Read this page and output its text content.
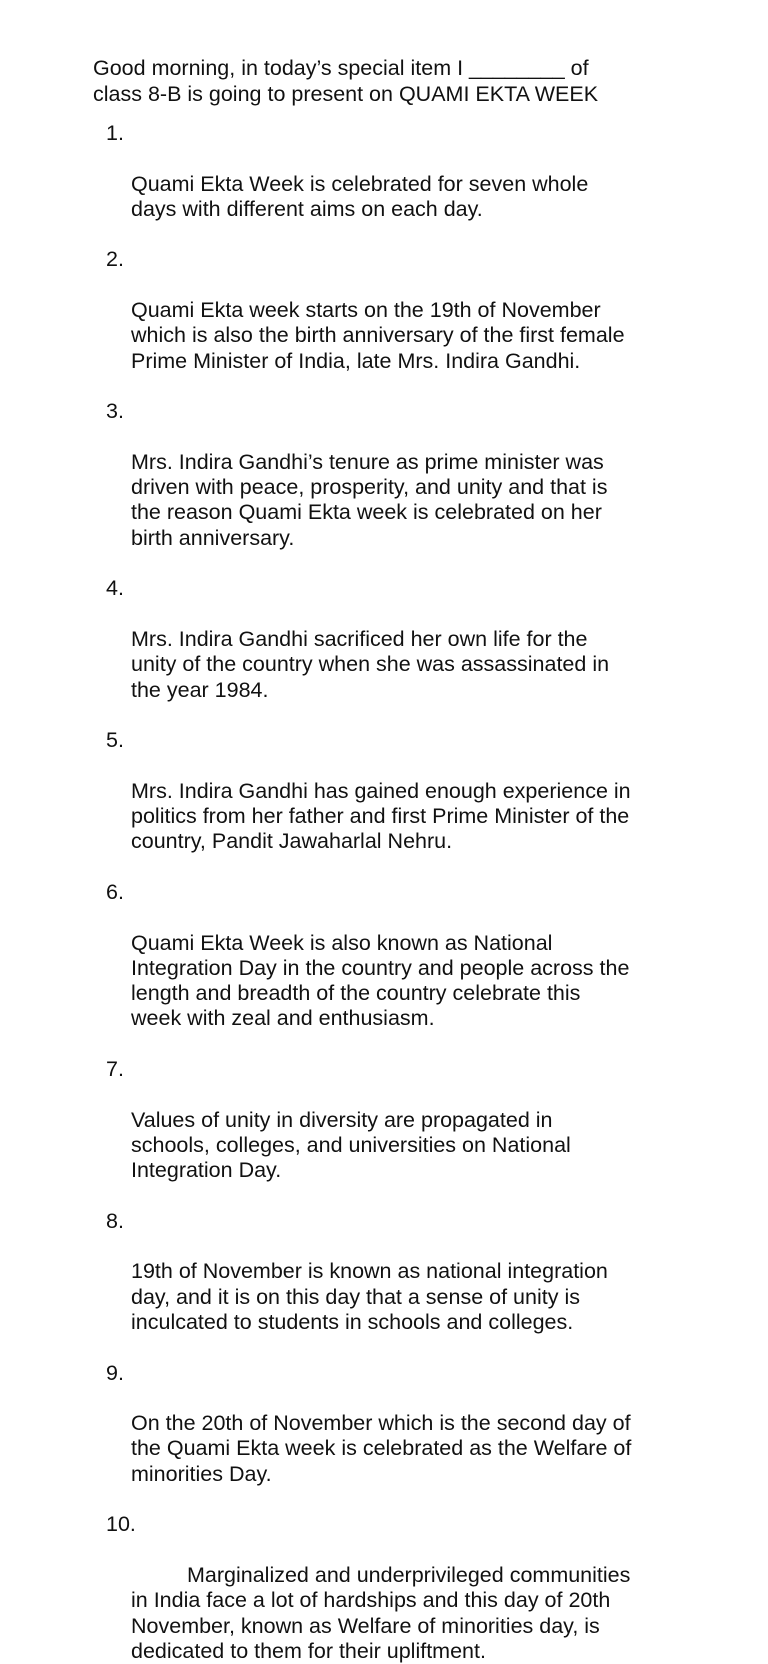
Good morning, in today’s special item I ________ of
class 8-B is going to present on QUAMI EKTA WEEK

1.

Quami Ekta Week is celebrated for seven whole
days with different aims on each day.

2.

Quami Ekta week starts on the 19th of November
which is also the birth anniversary of the first female
Prime Minister of India, late Mrs. Indira Gandhi.

3.

Mrs. Indira Gandhi’s tenure as prime minister was
driven with peace, prosperity, and unity and that is
the reason Quami Ekta week is celebrated on her
birth anniversary.

4.

Mrs. Indira Gandhi sacrificed her own life for the
unity of the country when she was assassinated in
the year 1984.

5.

Mrs. Indira Gandhi has gained enough experience in
politics from her father and first Prime Minister of the
country, Pandit Jawaharlal Nehru.

6.

Quami Ekta Week is also known as National
Integration Day in the country and people across the
length and breadth of the country celebrate this
week with zeal and enthusiasm.

7.

Values of unity in diversity are propagated in
schools, colleges, and universities on National
Integration Day.

8.

19th of November is known as national integration
day, and it is on this day that a sense of unity is
inculcated to students in schools and colleges.

9.

On the 20th of November which is the second day of
the Quami Ekta week is celebrated as the Welfare of
minorities Day.

10.

Marginalized and underprivileged communities
in India face a lot of hardships and this day of 20th
November, known as Welfare of minorities day, is
dedicated to them for their upliftment.
